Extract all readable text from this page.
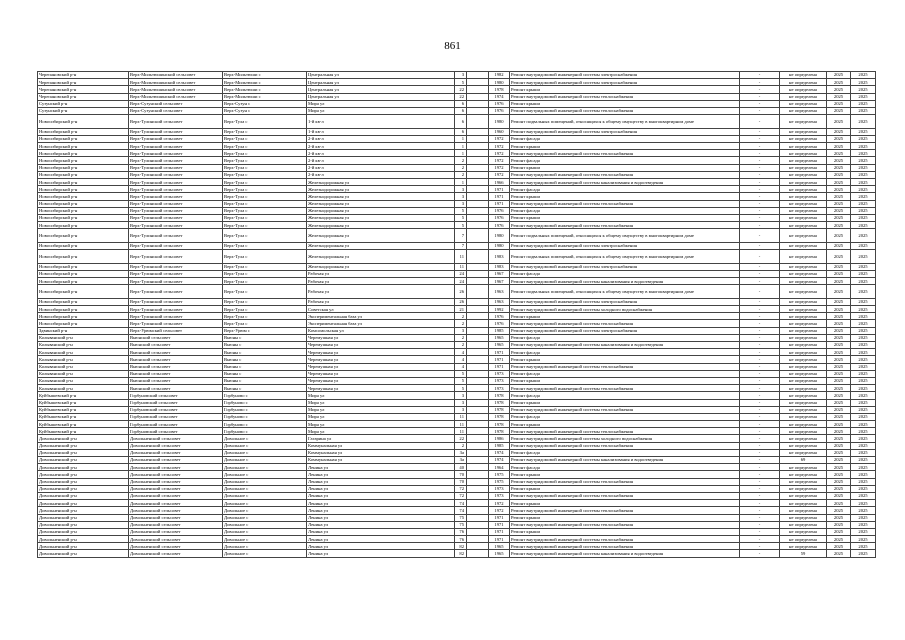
861
Черепановский р-н	Верх-Мильтюшинский сельсовет	Верх-Мильтюши с	Центральная ул	3		1982	Ремонт внутридомовой инженерной системы электроснабжения	-	не определена	2025	2025
Черепановский р-н	Верх-Мильтюшинский сельсовет	Верх-Мильтюши с	Центральная ул	5		1980	Ремонт внутридомовой инженерной системы электроснабжения	-	не определена	2025	2025
Черепановский р-н	Верх-Мильтюшинский сельсовет	Верх-Мильтюши с	Центральная ул	22		1978	Ремонт крыши	-	не определена	2025	2025
Черепановский р-н	Верх-Мильтюшинский сельсовет	Верх-Мильтюши с	Центральная ул	22		1974	Ремонт внутридомовой инженерной системы теплоснабжения	-	не определена	2025	2025
Сузунский р-н	Верх-Сузунский сельсовет	Верх-Сузун с	Мира ул	6		1976	Ремонт крыши	-	не определена	2025	2025
Сузунский р-н	Верх-Сузунский сельсовет	Верх-Сузун с	Мира ул	6		1976	Ремонт внутридомовой инженерной системы теплоснабжения	-	не определена	2025	2025
Новосибирский р-н	Верх-Тулинский сельсовет	Верх-Тула с	1-й кв-л	6		1980	Ремонт подвальных помещений, относящихся к общему имуществу в многоквартирном доме	-	не определена	2025	2025
Новосибирский р-н	Верх-Тулинский сельсовет	Верх-Тула с	1-й кв-л	6		1960	Ремонт внутридомовой инженерной системы электроснабжения	-	не определена	2025	2025
Новосибирский р-н	Верх-Тулинский сельсовет	Верх-Тула с	2-й кв-л	1		1972	Ремонт фасада	-	не определена	2025	2025
Новосибирский р-н	Верх-Тулинский сельсовет	Верх-Тула с	2-й кв-л	1		1972	Ремонт крыши	-	не определена	2025	2025
Новосибирский р-н	Верх-Тулинский сельсовет	Верх-Тула с	2-й кв-л	1		1972	Ремонт внутридомовой инженерной системы теплоснабжения	-	не определена	2025	2025
Новосибирский р-н	Верх-Тулинский сельсовет	Верх-Тула с	2-й кв-л	2		1972	Ремонт фасада	-	не определена	2025	2025
Новосибирский р-н	Верх-Тулинский сельсовет	Верх-Тула с	2-й кв-л	2		1972	Ремонт крыши	-	не определена	2025	2025
Новосибирский р-н	Верх-Тулинский сельсовет	Верх-Тула с	2-й кв-л	2		1972	Ремонт внутридомовой инженерной системы теплоснабжения	-	не определена	2025	2025
Новосибирский р-н	Верх-Тулинский сельсовет	Верх-Тула с	Железнодорожная ул	1		1966	Ремонт внутридомовой инженерной системы канализования и водоотведения	-	не определена	2025	2025
Новосибирский р-н	Верх-Тулинский сельсовет	Верх-Тула с	Железнодорожная ул	3		1971	Ремонт фасада	-	не определена	2025	2025
Новосибирский р-н	Верх-Тулинский сельсовет	Верх-Тула с	Железнодорожная ул	3		1971	Ремонт крыши	-	не определена	2025	2025
Новосибирский р-н	Верх-Тулинский сельсовет	Верх-Тула с	Железнодорожная ул	3		1971	Ремонт внутридомовой инженерной системы теплоснабжения	-	не определена	2025	2025
Новосибирский р-н	Верх-Тулинский сельсовет	Верх-Тула с	Железнодорожная ул	5		1976	Ремонт фасада	-	не определена	2025	2025
Новосибирский р-н	Верх-Тулинский сельсовет	Верх-Тула с	Железнодорожная ул	5		1976	Ремонт крыши	-	не определена	2025	2025
Новосибирский р-н	Верх-Тулинский сельсовет	Верх-Тула с	Железнодорожная ул	5		1976	Ремонт внутридомовой инженерной системы теплоснабжения	-	не определена	2025	2025
Новосибирский р-н	Верх-Тулинский сельсовет	Верх-Тула с	Железнодорожная ул	7		1980	Ремонт подвальных помещений, относящихся к общему имуществу в многоквартирном доме	-	не определена	2025	2025
Новосибирский р-н	Верх-Тулинский сельсовет	Верх-Тула с	Железнодорожная ул	7		1980	Ремонт внутридомовой инженерной системы электроснабжения	-	не определена	2025	2025
Новосибирский р-н	Верх-Тулинский сельсовет	Верх-Тула с	Железнодорожная ул	11		1983	Ремонт подвальных помещений, относящихся к общему имуществу в многоквартирном доме	-	не определена	2025	2025
Новосибирский р-н	Верх-Тулинский сельсовет	Верх-Тула с	Железнодорожная ул	11		1983	Ремонт внутридомовой инженерной системы электроснабжения	-	не определена	2025	2025
Новосибирский р-н	Верх-Тулинский сельсовет	Верх-Тула с	Рабочая ул	24		1967	Ремонт фасада	-	не определена	2025	2025
Новосибирский р-н	Верх-Тулинский сельсовет	Верх-Тула с	Рабочая ул	24		1967	Ремонт внутридомовой инженерной системы канализования и водоотведения	-	не определена	2025	2025
Новосибирский р-н	Верх-Тулинский сельсовет	Верх-Тула с	Рабочая ул	26		1963	Ремонт подвальных помещений, относящихся к общему имуществу в многоквартирном доме	-	не определена	2025	2025
Новосибирский р-н	Верх-Тулинский сельсовет	Верх-Тула с	Рабочая ул	26		1963	Ремонт внутридомовой инженерной системы электроснабжения	-	не определена	2025	2025
Новосибирский р-н	Верх-Тулинский сельсовет	Верх-Тула с	Советская ул	21		1992	Ремонт внутридомовой инженерной системы холодного водоснабжения	-	не определена	2025	2025
Новосибирский р-н	Верх-Тулинский сельсовет	Верх-Тула с	Экспериментальная база ул	2		1976	Ремонт крыши	-	не определена	2025	2025
Новосибирский р-н	Верх-Тулинский сельсовет	Верх-Тула с	Экспериментальная база ул	2		1976	Ремонт внутридомовой инженерной системы теплоснабжения	-	не определена	2025	2025
Здвинский р-н	Верх-Урюмский сельсовет	Верх-Урюм с	Комсомольская ул	3		1985	Ремонт внутридомовой инженерной системы электроснабжения	-	не определена	2025	2025
Колыванский р-н	Вьюнский сельсовет	Вьюны с	Черемушная ул	2		1965	Ремонт фасада	-	не определена	2025	2025
Колыванский р-н	Вьюнский сельсовет	Вьюны с	Черемушная ул	2		1965	Ремонт внутридомовой инженерной системы канализования и водоотведения	-	не определена	2025	2025
Колыванский р-н	Вьюнский сельсовет	Вьюны с	Черемушная ул	4		1971	Ремонт фасада	-	не определена	2025	2025
Колыванский р-н	Вьюнский сельсовет	Вьюны с	Черемушная ул	4		1971	Ремонт крыши	-	не определена	2025	2025
Колыванский р-н	Вьюнский сельсовет	Вьюны с	Черемушная ул	4		1971	Ремонт внутридомовой инженерной системы теплоснабжения	-	не определена	2025	2025
Колыванский р-н	Вьюнский сельсовет	Вьюны с	Черемушная ул	5		1973	Ремонт фасада	-	не определена	2025	2025
Колыванский р-н	Вьюнский сельсовет	Вьюны с	Черемушная ул	5		1973	Ремонт крыши	-	не определена	2025	2025
Колыванский р-н	Вьюнский сельсовет	Вьюны с	Черемушная ул	5		1973	Ремонт внутридомовой инженерной системы теплоснабжения	-	не определена	2025	2025
Куйбышевский р-н	Горбуновский сельсовет	Горбуново с	Мира ул	3		1978	Ремонт фасада	-	не определена	2025	2025
Куйбышевский р-н	Горбуновский сельсовет	Горбуново с	Мира ул	3		1978	Ремонт крыши	-	не определена	2025	2025
Куйбышевский р-н	Горбуновский сельсовет	Горбуново с	Мира ул	3		1978	Ремонт внутридомовой инженерной системы теплоснабжения	-	не определена	2025	2025
Куйбышевский р-н	Горбуновский сельсовет	Горбуново с	Мира ул	11		1978	Ремонт фасада	-	не определена	2025	2025
Куйбышевский р-н	Горбуновский сельсовет	Горбуново с	Мира ул	11		1978	Ремонт крыши	-	не определена	2025	2025
Куйбышевский р-н	Горбуновский сельсовет	Горбуново с	Мира ул	11		1978	Ремонт внутридомовой инженерной системы теплоснабжения	-	не определена	2025	2025
Довольненский р-н	Довольненский сельсовет	Довольное с	Гагарина ул	22		1986	Ремонт внутридомовой инженерной системы холодного водоснабжения	-	не определена	2025	2025
Довольненский р-н	Довольненский сельсовет	Довольное с	Коммунальная ул	2		1985	Ремонт внутридомовой инженерной системы теплоснабжения	-	не определена	2025	2025
Довольненский р-н	Довольненский сельсовет	Довольное с	Коммунальная ул	3а		1974	Ремонт фасада	-	не определена	2025	2025
Довольненский р-н	Довольненский сельсовет	Довольное с	Коммунальная ул	3а		1974	Ремонт внутридомовой инженерной системы канализования и водоотведения	-	69	2025	2025
Довольненский р-н	Довольненский сельсовет	Довольное с	Ленина ул	40		1964	Ремонт фасада	-	не определена	2025	2025
Довольненский р-н	Довольненский сельсовет	Довольное с	Ленина ул	70		1975	Ремонт крыши	-	не определена	2025	2025
Довольненский р-н	Довольненский сельсовет	Довольное с	Ленина ул	70		1975	Ремонт внутридомовой инженерной системы теплоснабжения	-	не определена	2025	2025
Довольненский р-н	Довольненский сельсовет	Довольное с	Ленина ул	72		1973	Ремонт крыши	-	не определена	2025	2025
Довольненский р-н	Довольненский сельсовет	Довольное с	Ленина ул	72		1973	Ремонт внутридомовой инженерной системы теплоснабжения	-	не определена	2025	2025
Довольненский р-н	Довольненский сельсовет	Довольное с	Ленина ул	74		1972	Ремонт крыши	-	не определена	2025	2025
Довольненский р-н	Довольненский сельсовет	Довольное с	Ленина ул	74		1972	Ремонт внутридомовой инженерной системы теплоснабжения	-	не определена	2025	2025
Довольненский р-н	Довольненский сельсовет	Довольное с	Ленина ул	75		1971	Ремонт крыши	-	не определена	2025	2025
Довольненский р-н	Довольненский сельсовет	Довольное с	Ленина ул	75		1971	Ремонт внутридомовой инженерной системы теплоснабжения	-	не определена	2025	2025
Довольненский р-н	Довольненский сельсовет	Довольное с	Ленина ул	76		1971	Ремонт крыши	-	не определена	2025	2025
Довольненский р-н	Довольненский сельсовет	Довольное с	Ленина ул	76		1971	Ремонт внутридомовой инженерной системы теплоснабжения	-	не определена	2025	2025
Довольненский р-н	Довольненский сельсовет	Довольное с	Ленина ул	82		1965	Ремонт внутридомовой инженерной системы теплоснабжения	-	не определена	2025	2025
Довольненский р-н	Довольненский сельсовет	Довольное с	Ленина ул	82		1965	Ремонт внутридомовой инженерной системы канализования и водоотведения	-	59	2025	2025
